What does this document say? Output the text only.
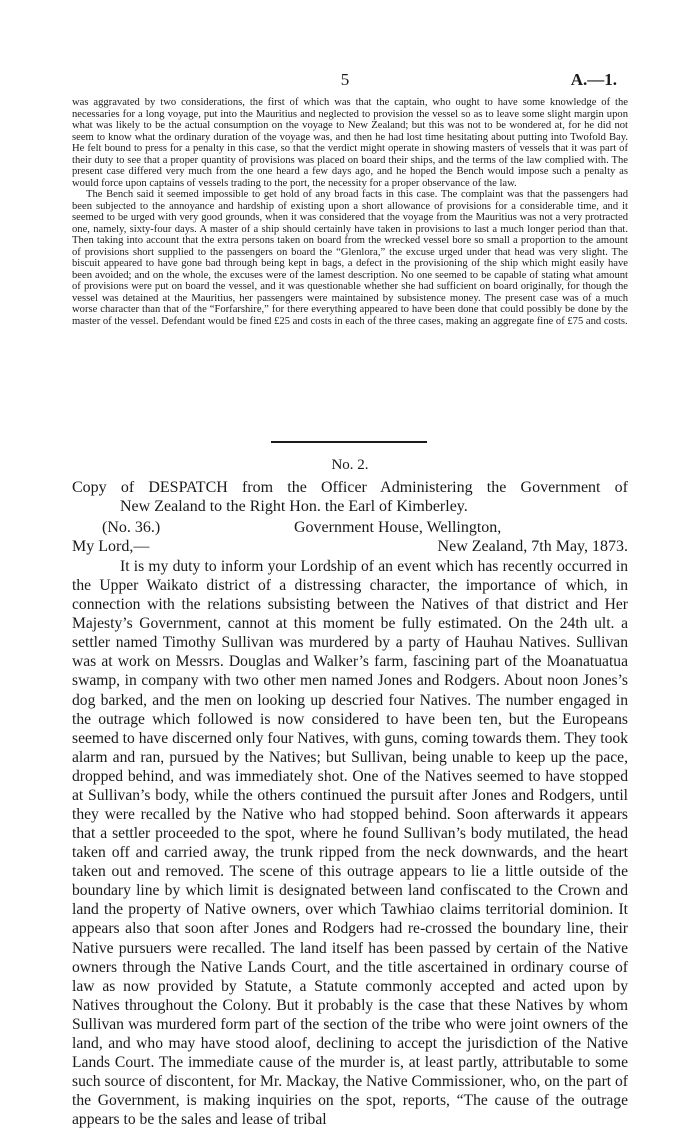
5	A.—1.

was aggravated by two considerations, the first of which was that the captain, who ought to have some knowledge of the necessaries for a long voyage, put into the Mauritius and neglected to provision the vessel so as to leave some slight margin upon what was likely to be the actual consumption on the voyage to New Zealand; but this was not to be wondered at, for he did not seem to know what the ordinary duration of the voyage was, and then he had lost time hesitating about putting into Twofold Bay. He felt bound to press for a penalty in this case, so that the verdict might operate in showing masters of vessels that it was part of their duty to see that a proper quantity of provisions was placed on board their ships, and the terms of the law complied with. The present case differed very much from the one heard a few days ago, and he hoped the Bench would impose such a penalty as would force upon captains of vessels trading to the port, the necessity for a proper observance of the law.

The Bench said it seemed impossible to get hold of any broad facts in this case. The complaint was that the passengers had been subjected to the annoyance and hardship of existing upon a short allowance of provisions for a considerable time, and it seemed to be urged with very good grounds, when it was considered that the voyage from the Mauritius was not a very protracted one, namely, sixty-four days. A master of a ship should certainly have taken in provisions to last a much longer period than that. Then taking into account that the extra persons taken on board from the wrecked vessel bore so small a proportion to the amount of provisions short supplied to the passengers on board the “Glenlora,” the excuse urged under that head was very slight. The biscuit appeared to have gone bad through being kept in bags, a defect in the provisioning of the ship which might easily have been avoided; and on the whole, the excuses were of the lamest description. No one seemed to be capable of stating what amount of provisions were put on board the vessel, and it was questionable whether she had sufficient on board originally, for though the vessel was detained at the Mauritius, her passengers were maintained by subsistence money. The present case was of a much worse character than that of the “Forfarshire,” for there everything appeared to have been done that could possibly be done by the master of the vessel. Defendant would be fined £25 and costs in each of the three cases, making an aggregate fine of £75 and costs.

No. 2.
Copy of DESPATCH from the Officer Administering the Government of
New Zealand to the Right Hon. the Earl of Kimberley.
(No. 36.)	Government House, Wellington,
My Lord,—	New Zealand, 7th May, 1873.

It is my duty to inform your Lordship of an event which has recently occurred in the Upper Waikato district of a distressing character, the importance of which, in connection with the relations subsisting between the Natives of that district and Her Majesty’s Government, cannot at this moment be fully estimated. On the 24th ult. a settler named Timothy Sullivan was murdered by a party of Hauhau Natives. Sullivan was at work on Messrs. Douglas and Walker’s farm, fascining part of the Moanatuatua swamp, in company with two other men named Jones and Rodgers. About noon Jones’s dog barked, and the men on looking up descried four Natives. The number engaged in the outrage which followed is now considered to have been ten, but the Europeans seemed to have discerned only four Natives, with guns, coming towards them. They took alarm and ran, pursued by the Natives; but Sullivan, being unable to keep up the pace, dropped behind, and was immediately shot. One of the Natives seemed to have stopped at Sullivan’s body, while the others continued the pursuit after Jones and Rodgers, until they were recalled by the Native who had stopped behind. Soon afterwards it appears that a settler proceeded to the spot, where he found Sullivan’s body mutilated, the head taken off and carried away, the trunk ripped from the neck downwards, and the heart taken out and removed. The scene of this outrage appears to lie a little outside of the boundary line by which limit is designated between land confiscated to the Crown and land the property of Native owners, over which Tawhiao claims territorial dominion. It appears also that soon after Jones and Rodgers had re-crossed the boundary line, their Native pursuers were recalled. The land itself has been passed by certain of the Native owners through the Native Lands Court, and the title ascertained in ordinary course of law as now provided by Statute, a Statute commonly accepted and acted upon by Natives throughout the Colony. But it probably is the case that these Natives by whom Sullivan was murdered form part of the section of the tribe who were joint owners of the land, and who may have stood aloof, declining to accept the jurisdiction of the Native Lands Court. The immediate cause of the murder is, at least partly, attributable to some such source of discontent, for Mr. Mackay, the Native Commissioner, who, on the part of the Government, is making inquiries on the spot, reports, “The cause of the outrage appears to be the sales and lease of tribal
